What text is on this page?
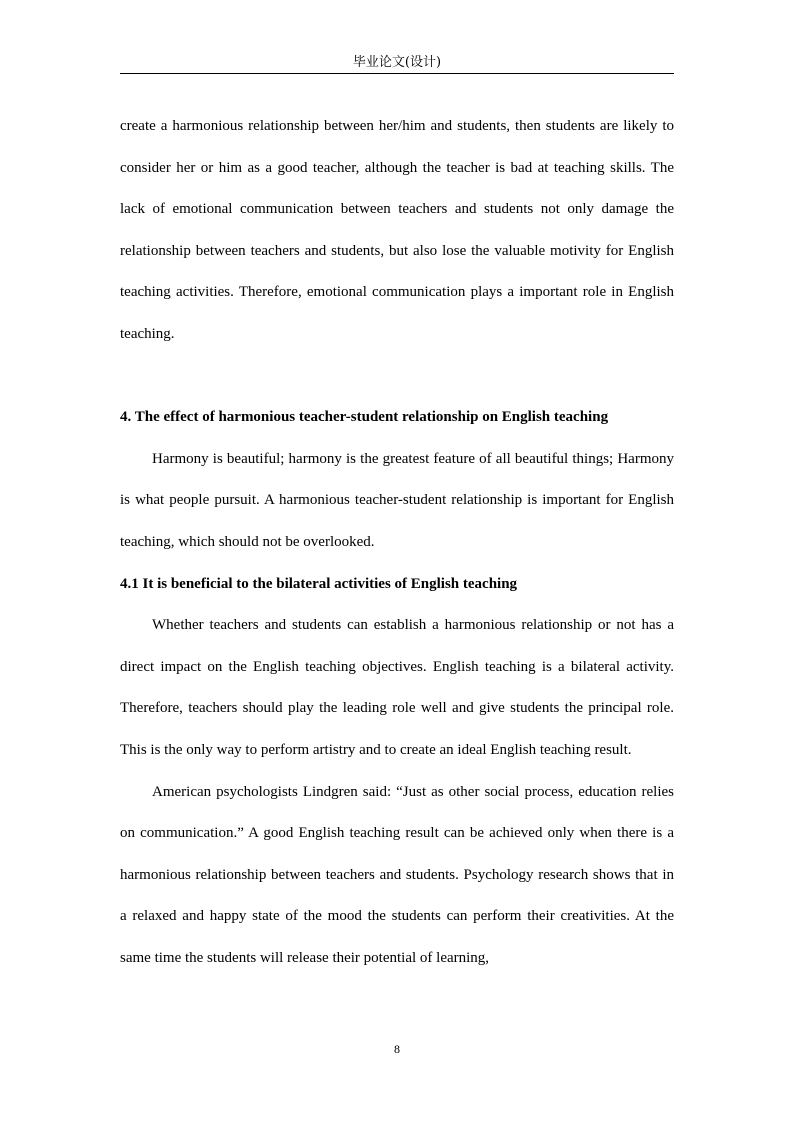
毕业论文(设计)

create a harmonious relationship between her/him and students, then students are likely to consider her or him as a good teacher, although the teacher is bad at teaching skills. The lack of emotional communication between teachers and students not only damage the relationship between teachers and students, but also lose the valuable motivity for English teaching activities. Therefore, emotional communication plays a important role in English teaching.

4. The effect of harmonious teacher-student relationship on English teaching

Harmony is beautiful; harmony is the greatest feature of all beautiful things; Harmony is what people pursuit. A harmonious teacher-student relationship is important for English teaching, which should not be overlooked.

4.1 It is beneficial to the bilateral activities of English teaching

Whether teachers and students can establish a harmonious relationship or not has a direct impact on the English teaching objectives. English teaching is a bilateral activity. Therefore, teachers should play the leading role well and give students the principal role. This is the only way to perform artistry and to create an ideal English teaching result.

American psychologists Lindgren said: “Just as other social process, education relies on communication.” A good English teaching result can be achieved only when there is a harmonious relationship between teachers and students. Psychology research shows that in a relaxed and happy state of the mood the students can perform their creativities. At the same time the students will release their potential of learning,

8
